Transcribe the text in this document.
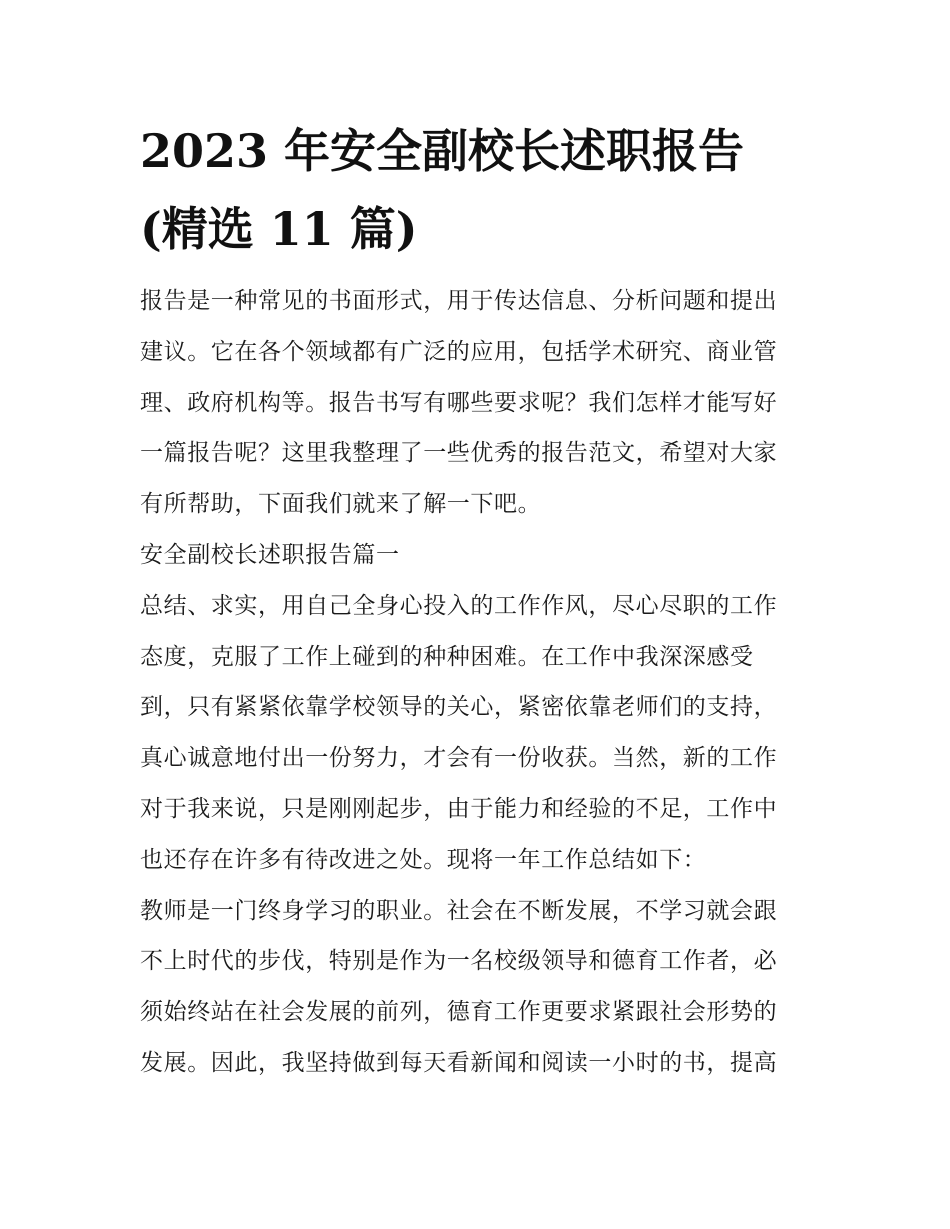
2023 年安全副校长述职报告
(精选 11 篇)
报告是一种常见的书面形式，用于传达信息、分析问题和提出
建议。它在各个领域都有广泛的应用，包括学术研究、商业管
理、政府机构等。报告书写有哪些要求呢？我们怎样才能写好
一篇报告呢？这里我整理了一些优秀的报告范文，希望对大家
有所帮助，下面我们就来了解一下吧。
安全副校长述职报告篇一
总结、求实，用自己全身心投入的工作作风，尽心尽职的工作
态度，克服了工作上碰到的种种困难。在工作中我深深感受
到，只有紧紧依靠学校领导的关心，紧密依靠老师们的支持，
真心诚意地付出一份努力，才会有一份收获。当然，新的工作
对于我来说，只是刚刚起步，由于能力和经验的不足，工作中
也还存在许多有待改进之处。现将一年工作总结如下：
教师是一门终身学习的职业。社会在不断发展，不学习就会跟
不上时代的步伐，特别是作为一名校级领导和德育工作者，必
须始终站在社会发展的前列，德育工作更要求紧跟社会形势的
发展。因此，我坚持做到每天看新闻和阅读一小时的书，提高
